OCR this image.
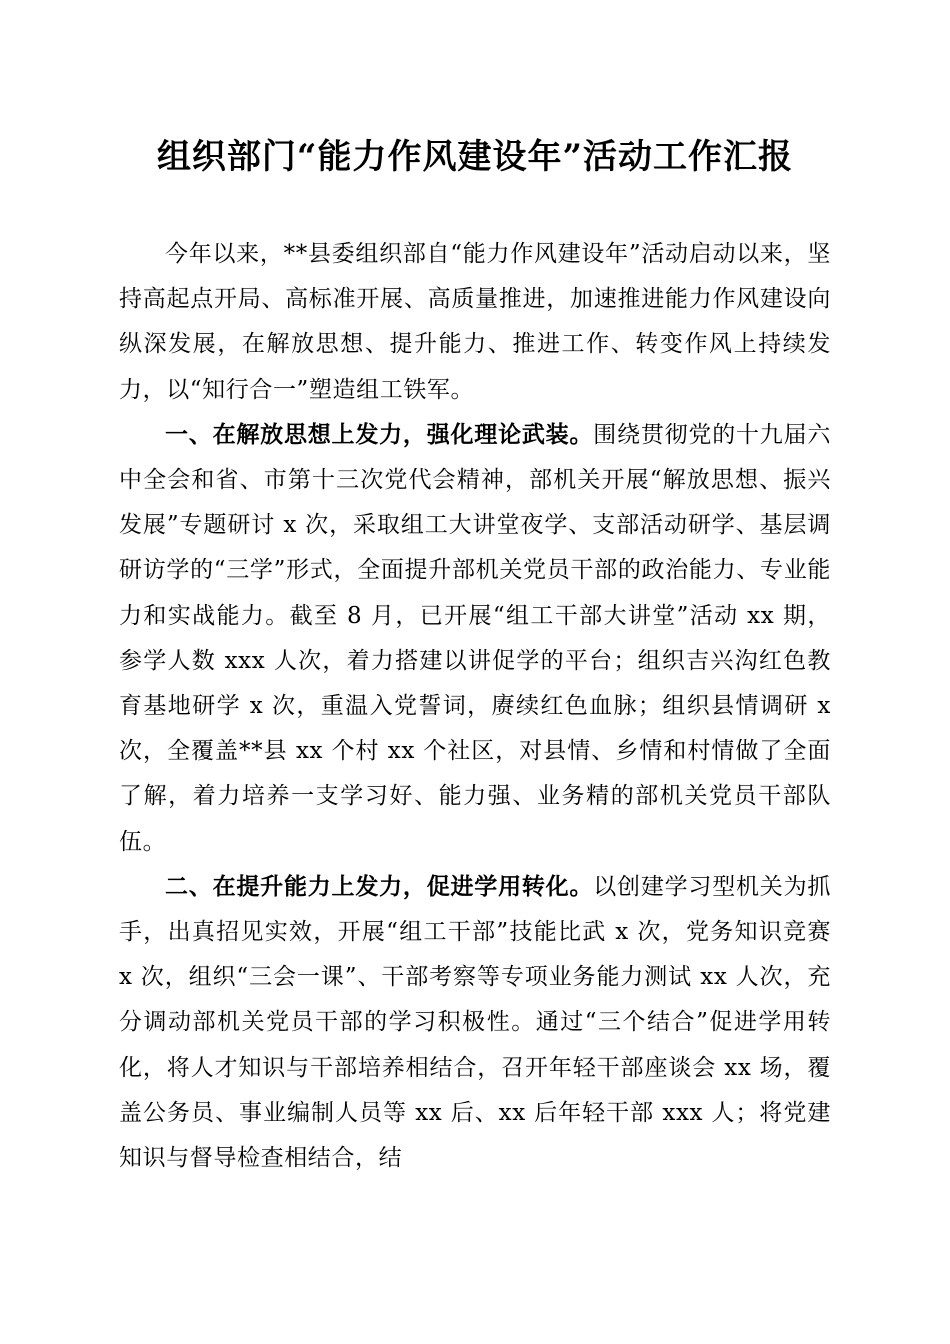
组织部门“能力作风建设年”活动工作汇报

今年以来，**县委组织部自“能力作风建设年”活动启动以来，坚持高起点开局、高标准开展、高质量推进，加速推进能力作风建设向纵深发展，在解放思想、提升能力、推进工作、转变作风上持续发力，以“知行合一”塑造组工铁军。

一、在解放思想上发力，强化理论武装。围绕贯彻党的十九届六中全会和省、市第十三次党代会精神，部机关开展“解放思想、振兴发展”专题研讨 x 次，采取组工大讲堂夜学、支部活动研学、基层调研访学的“三学”形式，全面提升部机关党员干部的政治能力、专业能力和实战能力。截至 8 月，已开展“组工干部大讲堂”活动 xx 期，参学人数 xxx 人次，着力搭建以讲促学的平台；组织吉兴沟红色教育基地研学 x 次，重温入党誓词，赓续红色血脉；组织县情调研 x 次，全覆盖**县 xx 个村 xx 个社区，对县情、乡情和村情做了全面了解，着力培养一支学习好、能力强、业务精的部机关党员干部队伍。

二、在提升能力上发力，促进学用转化。以创建学习型机关为抓手，出真招见实效，开展“组工干部”技能比武 x 次，党务知识竞赛 x 次，组织“三会一课”、干部考察等专项业务能力测试 xx 人次，充分调动部机关党员干部的学习积极性。通过“三个结合”促进学用转化，将人才知识与干部培养相结合，召开年轻干部座谈会 xx 场，覆盖公务员、事业编制人员等 xx 后、xx 后年轻干部 xxx 人；将党建知识与督导检查相结合，结
